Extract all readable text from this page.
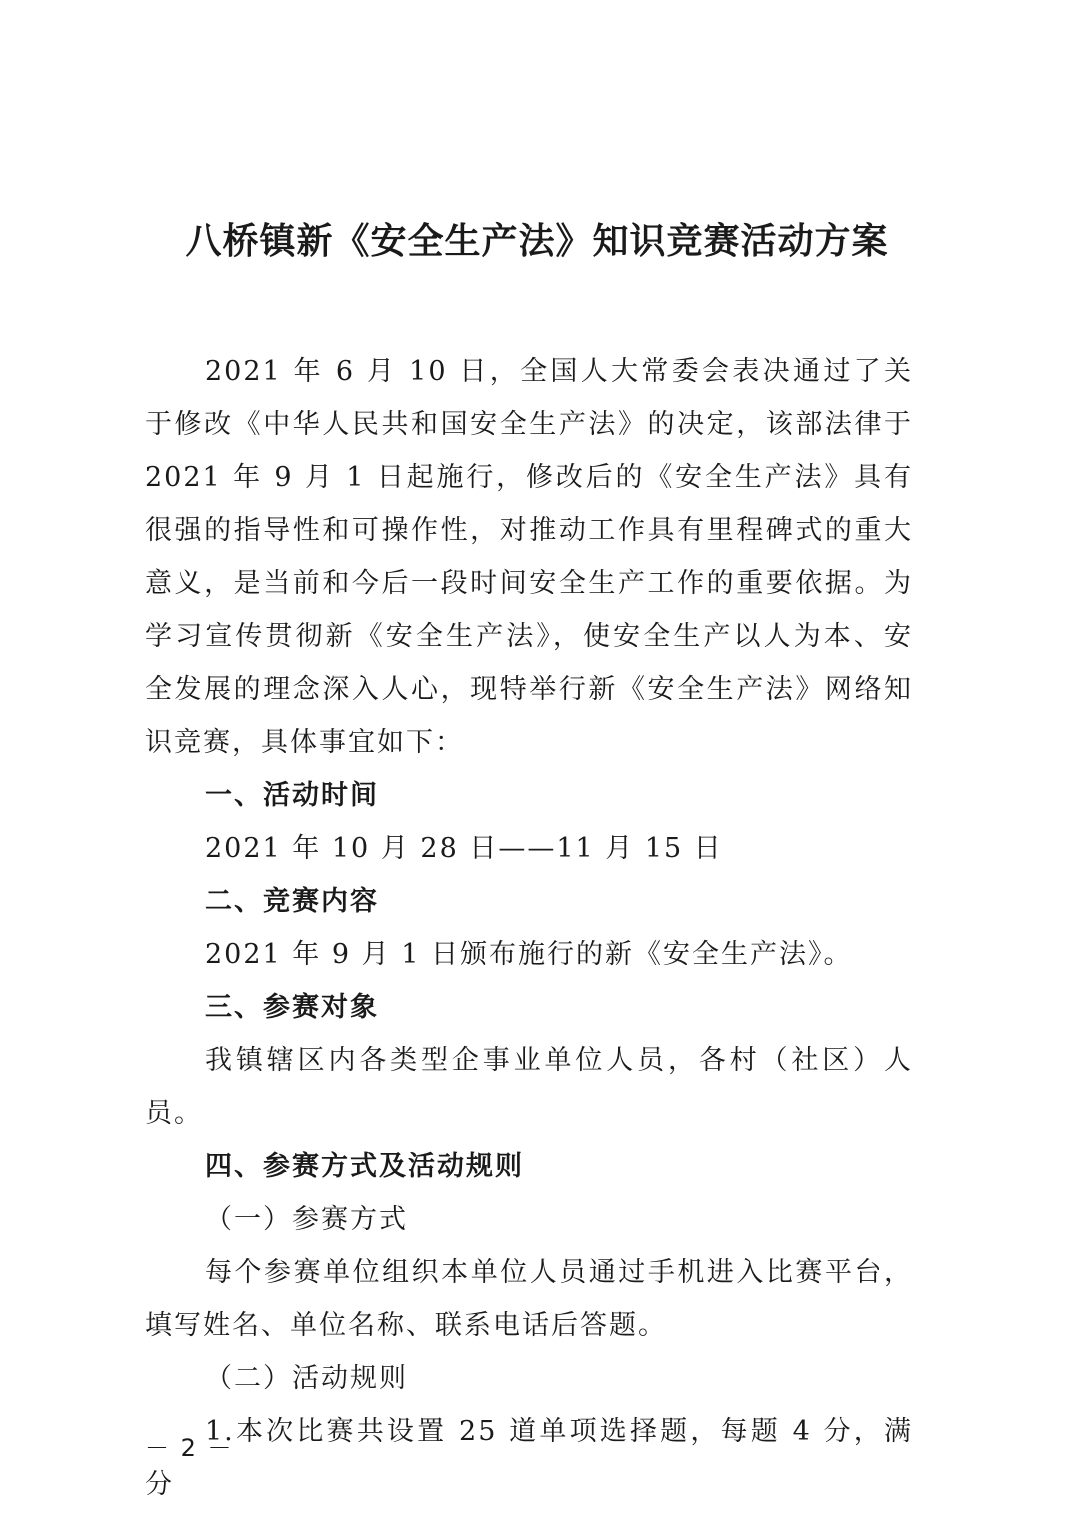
八桥镇新《安全生产法》知识竞赛活动方案

2021 年 6 月 10 日，全国人大常委会表决通过了关于修改《中华人民共和国安全生产法》的决定，该部法律于 2021 年 9 月 1 日起施行，修改后的《安全生产法》具有很强的指导性和可操作性，对推动工作具有里程碑式的重大意义，是当前和今后一段时间安全生产工作的重要依据。为学习宣传贯彻新《安全生产法》，使安全生产以人为本、安全发展的理念深入人心，现特举行新《安全生产法》网络知识竞赛，具体事宜如下：

一、活动时间

2021 年 10 月 28 日——11 月 15 日

二、竞赛内容

2021 年 9 月 1 日颁布施行的新《安全生产法》。

三、参赛对象

我镇辖区内各类型企事业单位人员，各村（社区）人员。

四、参赛方式及活动规则

（一）参赛方式

每个参赛单位组织本单位人员通过手机进入比赛平台，填写姓名、单位名称、联系电话后答题。

（二）活动规则

1.本次比赛共设置 25 道单项选择题，每题 4 分，满分

－ 2 －
